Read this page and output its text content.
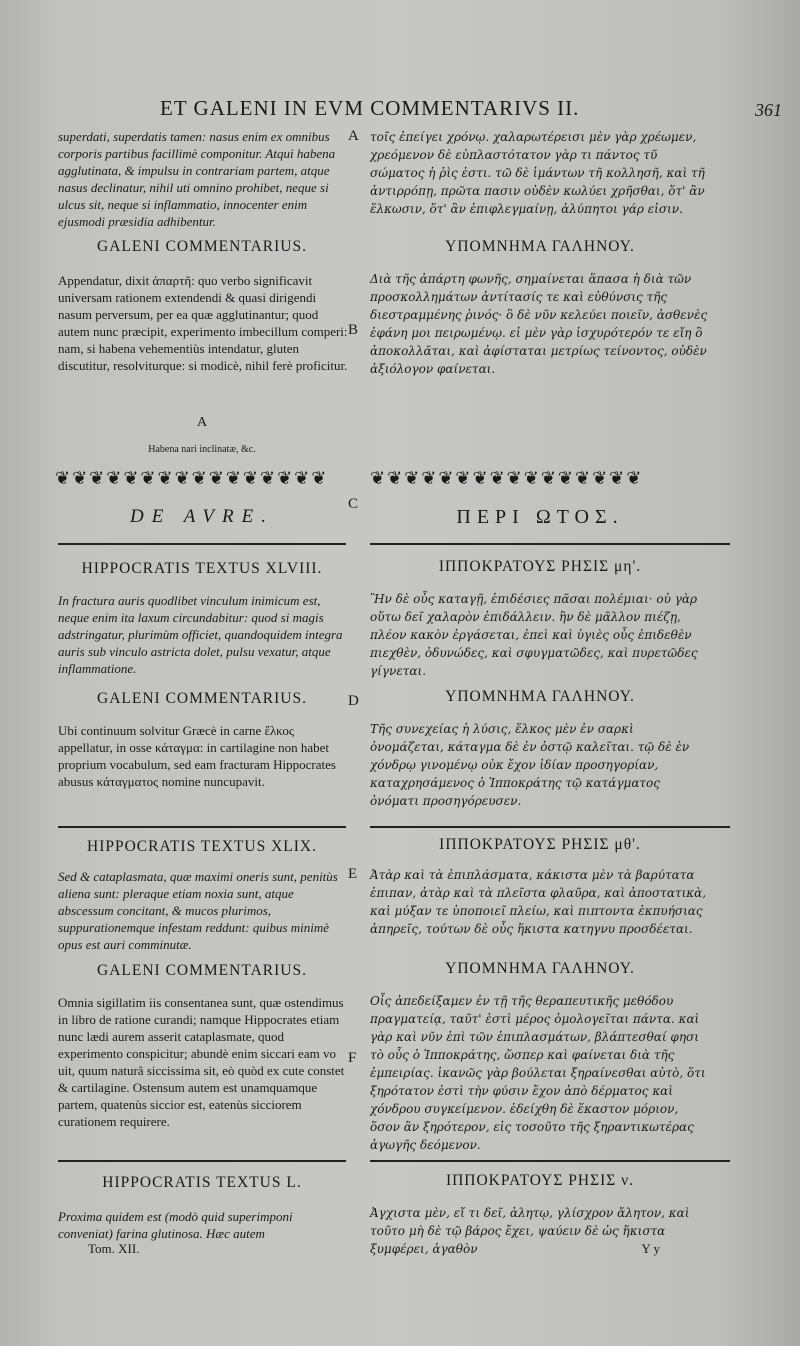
ET GALENI IN EVM COMMENTARIVS II.	361
A
B
C
D
E
F
superdati, superdatis tamen: nasus enim ex omnibus corporis partibus facillimè componitur. Atqui habena agglutinata, & impulsu in contrariam partem, atque nasus declinatur, nihil uti omnino prohibet, neque si ulcus sit, neque si inflammatio, innocenter enim ejusmodi præsidia adhibentur.
τοῖς ἐπείγει χρόνῳ. χαλαρωτέρεισι μὲν γὰρ χρέωμεν, χρεόμενον δὲ εὐπλαστότατον γὰρ τι πάντος τῦ σώματος ἡ ῥὶς ἐστι. τῶ δὲ ἱμάντων τῆ κολλησῆ, καὶ τῆ ἀντιρρόπῃ, πρῶτα πασιν οὐδὲν κωλύει χρῆσθαι, ὅτ' ἂν ἕλκωσιν, ὅτ' ἂν ἐπιφλεγμαίνῃ, ἀλύπητοι γάρ εἰσιν.
GALENI COMMENTARIUS.	ΥΠΟΜΝΗΜΑ ΓΑΛΗΝΟΥ.
Appendatur, dixit ἀπαρτῆ: quo verbo significavit universam rationem extendendi & quasi dirigendi nasum perversum, per ea quæ agglutinantur; quod autem nunc præcipit, experimento imbecillum comperi: nam, si habena vehementiùs intendatur, gluten discutitur, resolviturque: si modicè, nihil ferè proficitur.
Διὰ τῆς ἀπάρτη φωνῆς, σημαίνεται ἅπασα ἡ διὰ τῶν προσκολλημάτων ἀντίτασίς τε καὶ εὐθύνσις τῆς διεστραμμένης ῥινός· ὃ δὲ νῦν κελεύει ποιεῖν, ἀσθενὲς ἐφάνη μοι πειρωμένῳ. εἰ μὲν γὰρ ἰσχυρότερόν τε εἴη ὃ ἀποκολλᾶται, καὶ ἀφίσταται μετρίως τείνοντος, οὐδὲν ἀξιόλογον φαίνεται.
A
Habena nari inclinatæ, &c.
❦❦❦❦❦❦❦❦❦❦❦❦❦❦❦❦	❦❦❦❦❦❦❦❦❦❦❦❦❦❦❦❦
DE AVRE.	ΠΕΡΙ ΩΤΟΣ.
HIPPOCRATIS TEXTUS XLVIII.	ΙΠΠΟΚΡΑΤΟΥΣ ΡΗΣΙΣ μη'.
In fractura auris quodlibet vinculum inimicum est, neque enim ita laxum circundabitur: quod si magis adstringatur, plurimùm officiet, quandoquidem integra auris sub vinculo astricta dolet, pulsu vexatur, atque inflammatione.
Ἢν δὲ οὖς καταγῇ, ἐπιδέσιες πᾶσαι πολέμιαι· οὐ γὰρ οὕτω δεῖ χαλαρὸν ἐπιδάλλειν. ἢν δὲ μᾶλλον πιέζῃ, πλέον κακὸν ἐργάσεται, ἐπεὶ καὶ ὑγιὲς οὖς ἐπιδεθὲν πιεχθὲν, ὀδυνώδες, καὶ σφυγματῶδες, καὶ πυρετῶδες γίγνεται.
GALENI COMMENTARIUS.	ΥΠΟΜΝΗΜΑ ΓΑΛΗΝΟΥ.
Ubi continuum solvitur Græcè in carne ἕλκος appellatur, in osse κάταγμα: in cartilagine non habet proprium vocabulum, sed eam fracturam Hippocrates abusus κάταγματος nomine nuncupavit.
Τῆς συνεχείας ἡ λύσις, ἕλκος μὲν ἐν σαρκὶ ὀνομάζεται, κάταγμα δὲ ἐν ὀστῷ καλεῖται. τῷ δὲ ἐν χόνδρῳ γινομένῳ οὐκ ἔχον ἰδίαν προσηγορίαν, καταχρησάμενος ὁ Ἱπποκράτης τῷ κατάγματος ὀνόματι προσηγόρευσεν.
HIPPOCRATIS TEXTUS XLIX.	ΙΠΠΟΚΡΑΤΟΥΣ ΡΗΣΙΣ μθ'.
Sed & cataplasmata, quæ maximi oneris sunt, penitùs aliena sunt: pleraque etiam noxia sunt, atque abscessum concitant, & mucos plurimos, suppurationemque infestam reddunt: quibus minimè opus est auri comminutæ.
Ἀτὰρ καὶ τὰ ἐπιπλάσματα, κάκιστα μὲν τὰ βαρύτατα ἐπιπαν, ἀτὰρ καὶ τὰ πλεῖστα φλαῦρα, καὶ ἀποστατικὰ, καὶ μύξαν τε ὑποποιεῖ πλείω, καὶ πιπτοντα ἐκπυήσιας ἀπηρεῖς, τούτων δὲ οὖς ἥκιστα κατηγνυ προσδέεται.
GALENI COMMENTARIUS.	ΥΠΟΜΝΗΜΑ ΓΑΛΗΝΟΥ.
Omnia sigillatim iis consentanea sunt, quæ ostendimus in libro de ratione curandi; namque Hippocrates etiam nunc lædi aurem asserit cataplasmate, quod experimento conspicitur; abundè enim siccari eam vo uit, quum naturâ siccissima sit, eò quòd ex cute constet & cartilagine. Ostensum autem est unamquamque partem, quatenùs siccior est, eatenùs sicciorem curationem requirere.
Οἷς ἀπεδείξαμεν ἐν τῇ τῆς θεραπευτικῆς μεθόδου πραγματείᾳ, ταῦτ' ἐστὶ μέρος ὁμολογεῖται πάντα. καὶ γὰρ καὶ νῦν ἐπὶ τῶν ἐπιπλασμάτων, βλάπτεσθαί φησι τὸ οὖς ὁ Ἱπποκράτης, ὥσπερ καὶ φαίνεται διὰ τῆς ἐμπειρίας. ἱκανῶς γὰρ βούλεται ξηραίνεσθαι αὐτὸ, ὅτι ξηρότατον ἐστὶ τὴν φύσιν ἔχον ἀπὸ δέρματος καὶ χόνδρου συγκείμενον. ἐδείχθη δὲ ἕκαστον μόριον, ὅσον ἂν ξηρότερον, εἰς τοσοῦτο τῆς ξηραντικωτέρας ἀγωγῆς δεόμενον.
HIPPOCRATIS TEXTUS L.	ΙΠΠΟΚΡΑΤΟΥΣ ΡΗΣΙΣ ν.
Proxima quidem est (modò quid superimponi conveniat) farina glutinosa. Hæc autem
Ἀγχιστα μὲν, εἴ τι δεῖ, ἀλητῳ, γλίσχρον ἄλητον, καὶ τοῦτο μὴ δὲ τῷ βάρος ἔχει, ψαύειν δὲ ὡς ἥκιστα ξυμφέρει, ἀγαθὸν
Tom. XII.	Y y
